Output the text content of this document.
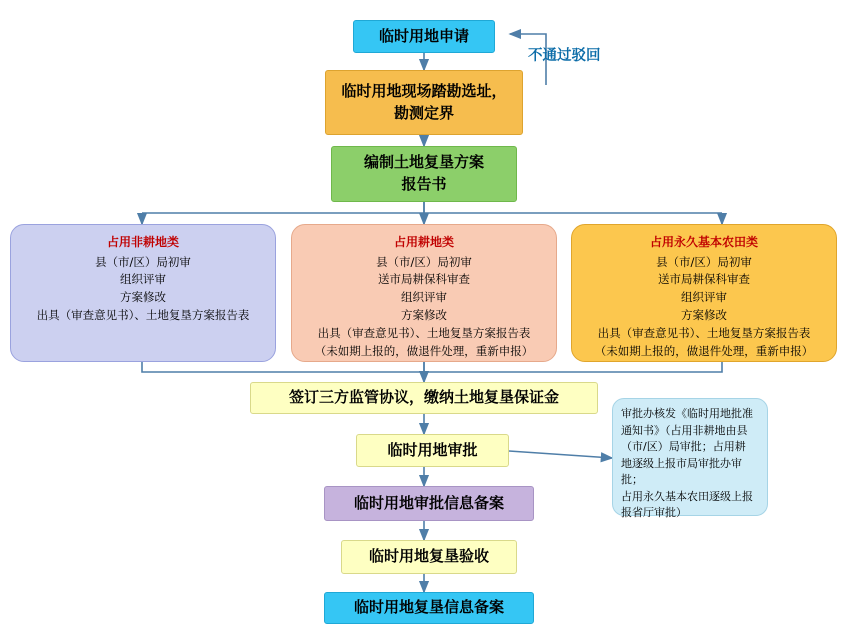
临时用地申请
不通过驳回
临时用地现场踏勘选址，
勘测定界
编制土地复垦方案
报告书
占用非耕地类
县（市/区）局初审
组织评审
方案修改
出具（审查意见书）、土地复垦方案报告表
占用耕地类
县（市/区）局初审
送市局耕保科审查
组织评审
方案修改
出具（审查意见书）、土地复垦方案报告表
（未如期上报的，做退件处理，重新申报）
占用永久基本农田类
县（市/区）局初审
送市局耕保科审查
组织评审
方案修改
出具（审查意见书）、土地复垦方案报告表
（未如期上报的，做退件处理，重新申报）
签订三方监管协议，缴纳土地复垦保证金
临时用地审批
审批办核发《临时用地批准
通知书》（占用非耕地由县
（市/区）局审批；占用耕
地逐级上报市局审批办审批；
占用永久基本农田逐级上报
报省厅审批）
临时用地审批信息备案
临时用地复垦验收
临时用地复垦信息备案
